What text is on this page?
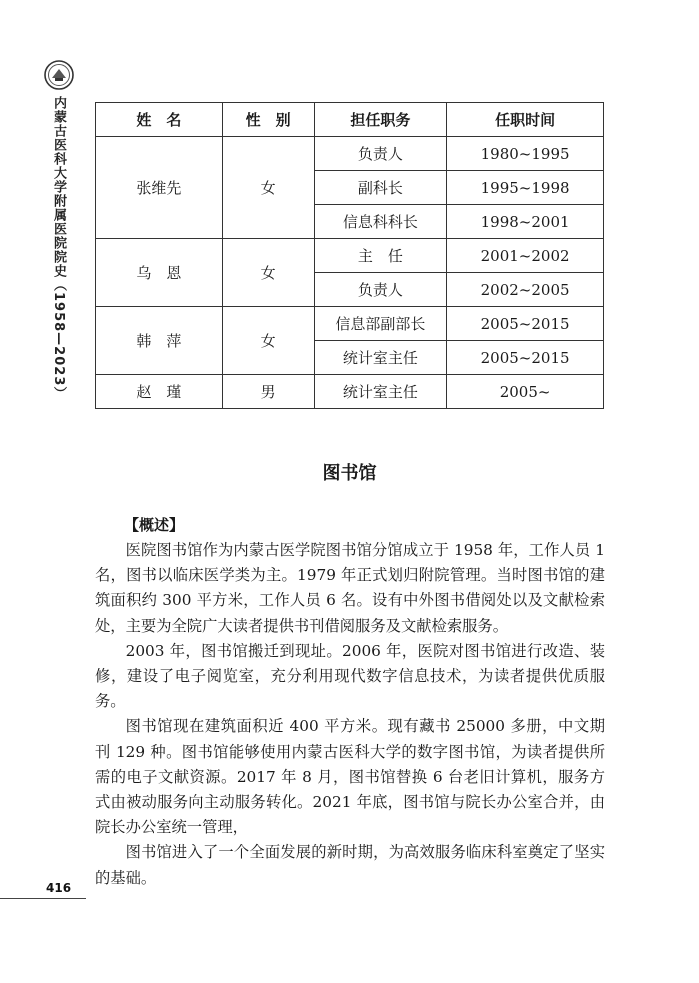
内蒙古医科大学附属医院院史（1958—2023）	姓　名	性　别	担任职务	任职时间
张维先	女	负责人	1980~1995
		副科长	1995~1998
		信息科科长	1998~2001
乌　恩	女	主　任	2001~2002
		负责人	2002~2005
韩　萍	女	信息部副部长	2005~2015
		统计室主任	2005~2015
赵　瑾	男	统计室主任	2005~
图书馆
【概述】

医院图书馆作为内蒙古医学院图书馆分馆成立于 1958 年，工作人员 1 名，图书以临床医学类为主。1979 年正式划归附院管理。当时图书馆的建筑面积约 300 平方米，工作人员 6 名。设有中外图书借阅处以及文献检索处，主要为全院广大读者提供书刊借阅服务及文献检索服务。

2003 年，图书馆搬迁到现址。2006 年，医院对图书馆进行改造、装修，建设了电子阅览室，充分利用现代数字信息技术，为读者提供优质服务。

图书馆现在建筑面积近 400 平方米。现有藏书 25000 多册，中文期刊 129 种。图书馆能够使用内蒙古医科大学的数字图书馆，为读者提供所需的电子文献资源。2017 年 8 月，图书馆替换 6 台老旧计算机，服务方式由被动服务向主动服务转化。2021 年底，图书馆与院长办公室合并，由院长办公室统一管理，

图书馆进入了一个全面发展的新时期，为高效服务临床科室奠定了坚实的基础。

416
